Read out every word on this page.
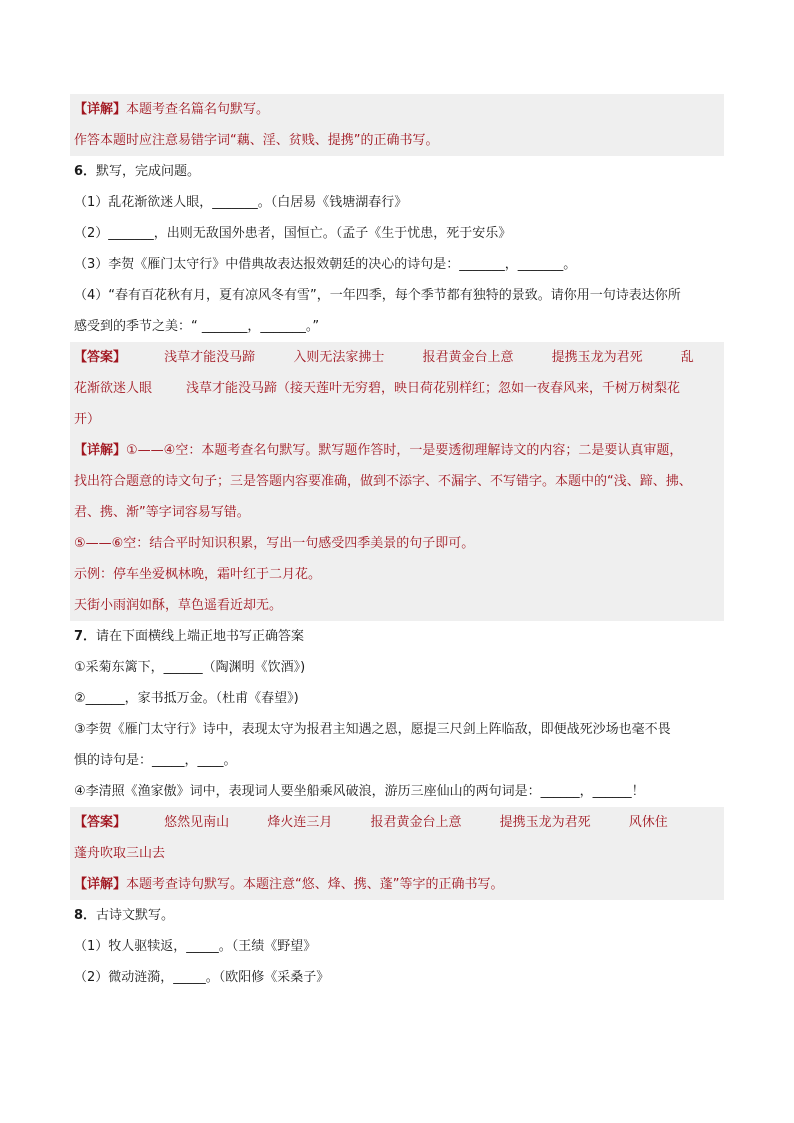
【详解】本题考查名篇名句默写。
作答本题时应注意易错字词“藕、淫、贫贱、提携”的正确书写。
6．默写，完成问题。
（1）乱花渐欲迷人眼，_______。（白居易《钱塘湖春行》
（2）_______，出则无敌国外患者，国恒亡。（孟子《生于忧患，死于安乐》
（3）李贺《雁门太守行》中借典故表达报效朝廷的决心的诗句是：_______，_______。
（4）“春有百花秋有月，夏有凉风冬有雪”，一年四季，每个季节都有独特的景致。请你用一句诗表达你所
感受到的季节之美：“ _______，_______。”
【答案】	浅草才能没马蹄	入则无法家拂士	报君黄金台上意	提携玉龙为君死	乱
花渐欲迷人眼	浅草才能没马蹄（接天莲叶无穷碧，映日荷花别样红；忽如一夜春风来，千树万树梨花
开）
【详解】①——④空：本题考查名句默写。默写题作答时，一是要透彻理解诗文的内容；二是要认真审题，
找出符合题意的诗文句子；三是答题内容要准确，做到不添字、不漏字、不写错字。本题中的“浅、蹄、拂、
君、携、渐”等字词容易写错。
⑤——⑥空：结合平时知识积累，写出一句感受四季美景的句子即可。
示例：停车坐爱枫林晚，霜叶红于二月花。
天街小雨润如酥，草色遥看近却无。
7．请在下面横线上端正地书写正确答案
①采菊东篱下，______（陶渊明《饮酒》)
②______，家书抵万金。（杜甫《春望》)
③李贺《雁门太守行》诗中，表现太守为报君主知遇之恩，愿提三尺剑上阵临敌，即便战死沙场也毫不畏
惧的诗句是：_____，____。
④李清照《渔家傲》词中，表现词人要坐船乘风破浪，游历三座仙山的两句词是：______，______！
【答案】	悠然见南山	烽火连三月	报君黄金台上意	提携玉龙为君死	风休住
蓬舟吹取三山去
【详解】本题考查诗句默写。本题注意“悠、烽、携、蓬”等字的正确书写。
8．古诗文默写。
（1）牧人驱犊返，_____。（王绩《野望》
（2）微动涟漪，_____。（欧阳修《采桑子》
